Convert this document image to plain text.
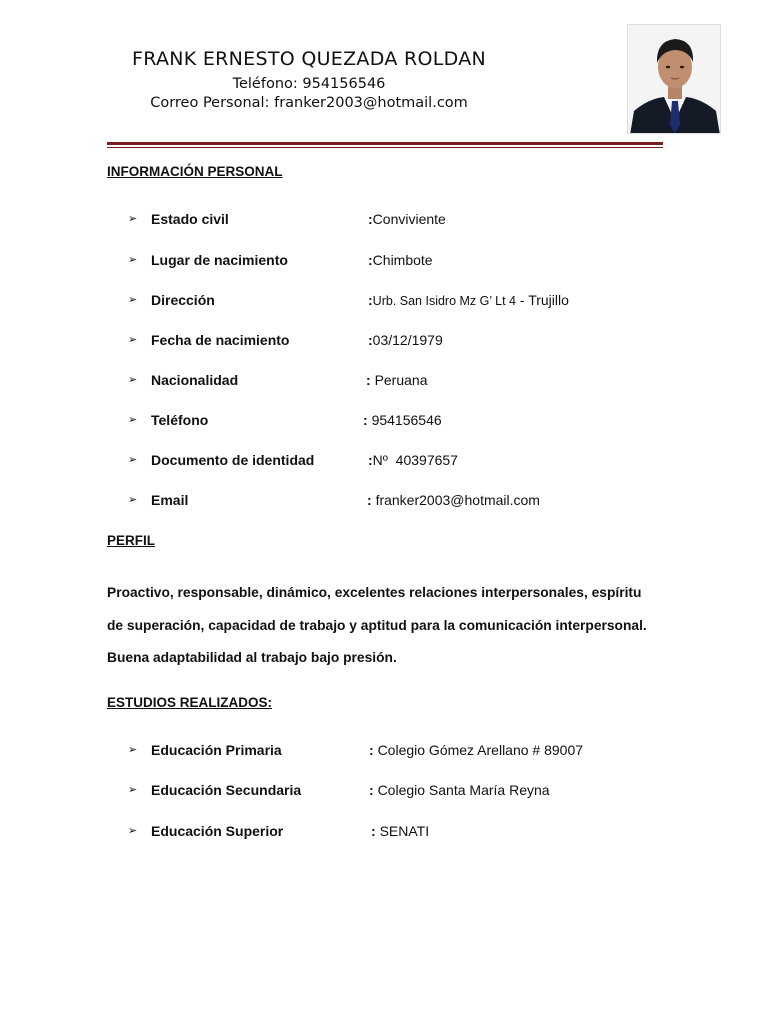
FRANK ERNESTO QUEZADA ROLDAN
Teléfono: 954156546
Correo Personal: franker2003@hotmail.com
INFORMACIÓN PERSONAL
➢ Estado civil	:Conviviente
➢ Lugar de nacimiento	:Chimbote
➢ Dirección	:Urb. San Isidro Mz G’ Lt 4 - Trujillo
➢ Fecha de nacimiento	:03/12/1979
➢ Nacionalidad	: Peruana
➢ Teléfono	: 954156546
➢ Documento de identidad	:Nº  40397657
➢ Email	: franker2003@hotmail.com
PERFIL
Proactivo, responsable, dinámico, excelentes relaciones interpersonales, espíritu
de superación, capacidad de trabajo y aptitud para la comunicación interpersonal.
Buena adaptabilidad al trabajo bajo presión.
ESTUDIOS REALIZADOS:
➢ Educación Primaria	: Colegio Gómez Arellano # 89007
➢ Educación Secundaria	: Colegio Santa María Reyna
➢ Educación Superior	: SENATI
